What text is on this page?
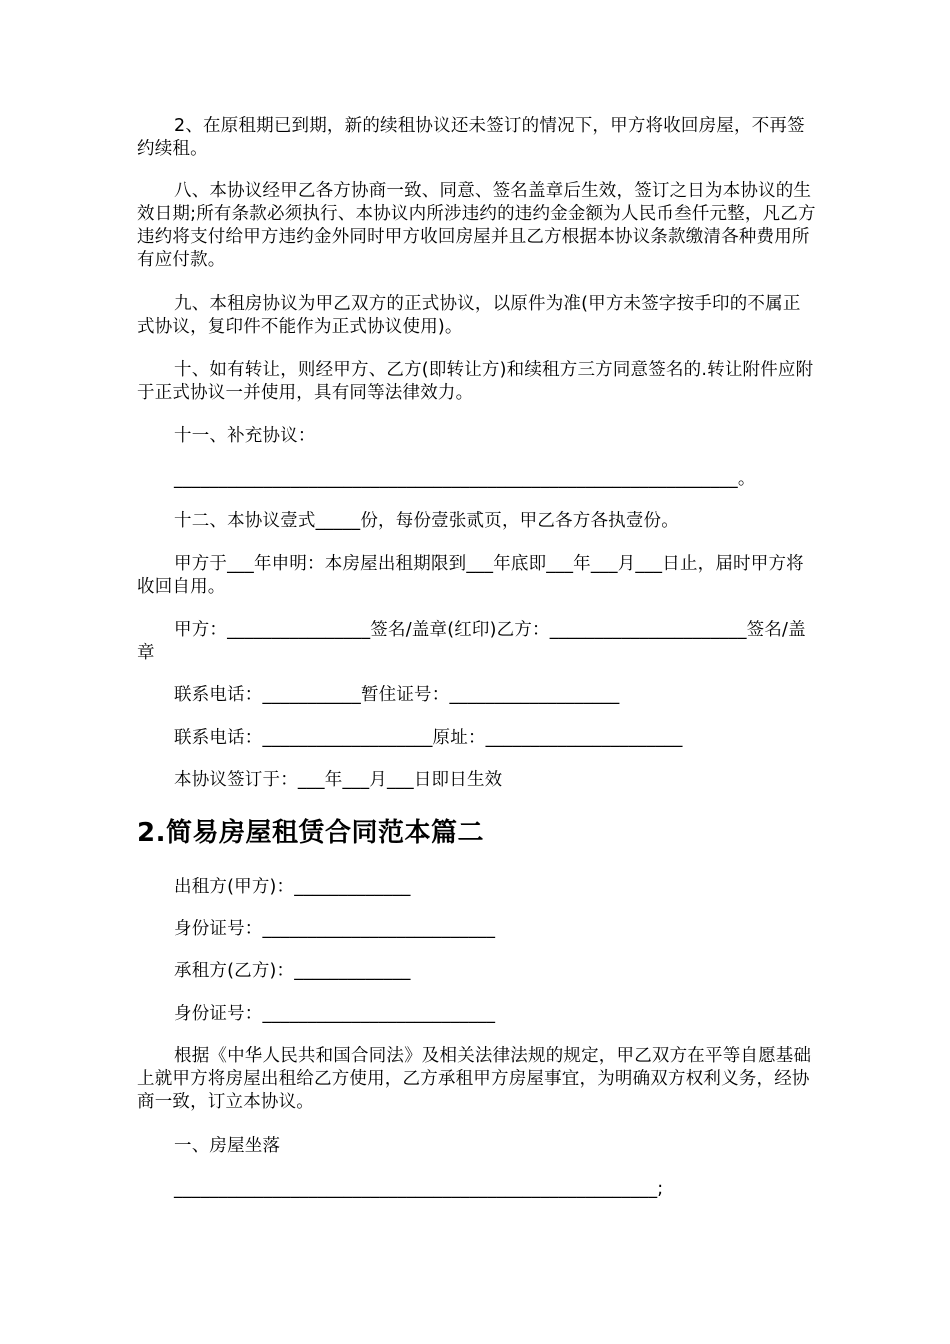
2、在原租期已到期，新的续租协议还未签订的情况下，甲方将收回房屋，不再签约续租。

八、本协议经甲乙各方协商一致、同意、签名盖章后生效，签订之日为本协议的生效日期;所有条款必须执行、本协议内所涉违约的违约金金额为人民币叁仟元整，凡乙方违约将支付给甲方违约金外同时甲方收回房屋并且乙方根据本协议条款缴清各种费用所有应付款。

九、本租房协议为甲乙双方的正式协议，以原件为准(甲方未签字按手印的不属正式协议，复印件不能作为正式协议使用)。

十、如有转让，则经甲方、乙方(即转让方)和续租方三方同意签名的.转让附件应附于正式协议一并使用，具有同等法律效力。

十一、补充协议：

_______________________________________________________________。

十二、本协议壹式_____份，每份壹张贰页，甲乙各方各执壹份。

甲方于___年申明：本房屋出租期限到___年底即___年___月___日止，届时甲方将收回自用。

甲方：________________签名/盖章(红印)乙方：______________________签名/盖章

联系电话：___________暂住证号：___________________

联系电话：___________________原址：______________________

本协议签订于：___年___月___日即日生效

2.简易房屋租赁合同范本篇二

出租方(甲方)：_____________

身份证号：__________________________

承租方(乙方)：_____________

身份证号：__________________________

根据《中华人民共和国合同法》及相关法律法规的规定，甲乙双方在平等自愿基础上就甲方将房屋出租给乙方使用，乙方承租甲方房屋事宜，为明确双方权利义务，经协商一致，订立本协议。

一、房屋坐落

______________________________________________________;
